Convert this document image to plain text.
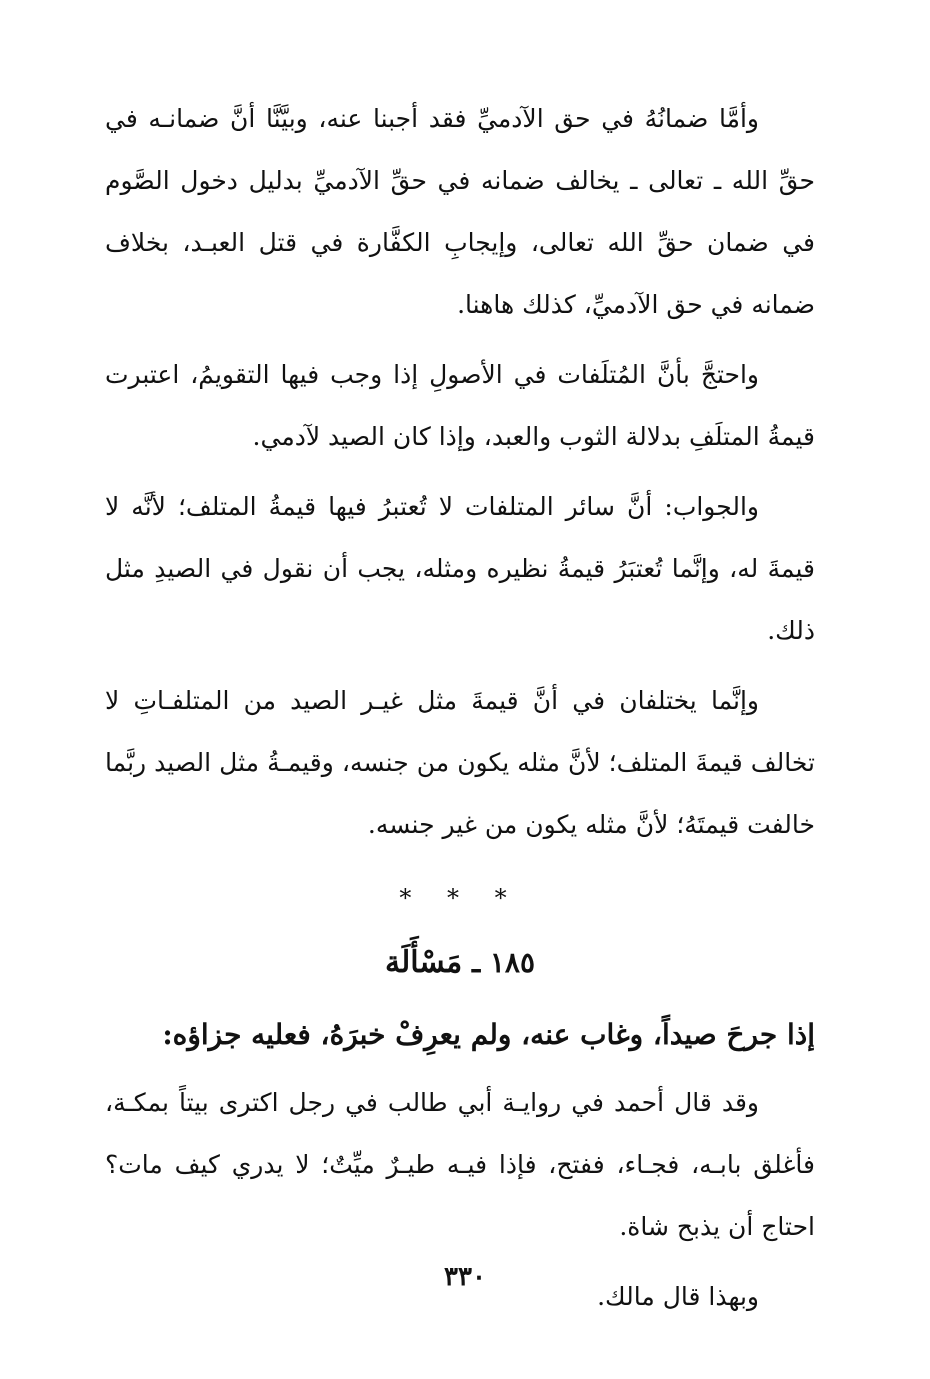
وأمَّا ضمانُهُ في حق الآدميِّ فقد أجبنا عنه، وبيَّنَّا أنَّ ضمانـه في حقِّ الله ـ تعالى ـ يخالف ضمانه في حقِّ الآدميِّ بدليل دخول الصَّوم في ضمان حقِّ الله تعالى، وإيجابِ الكفَّارة في قتل العبـد، بخلاف ضمانه في حق الآدميِّ، كذلك هاهنا.

واحتجَّ بأنَّ المُتلَفات في الأصولِ إذا وجب فيها التقويمُ، اعتبرت قيمةُ المتلَفِ بدلالة الثوب والعبد، وإذا كان الصيد لآدمي.

والجواب: أنَّ سائر المتلفات لا تُعتبرُ فيها قيمةُ المتلف؛ لأنَّه لا قيمةَ له، وإنَّما تُعتبَرُ قيمةُ نظيره ومثله، يجب أن نقول في الصيدِ مثل ذلك.

وإنَّما يختلفان في أنَّ قيمةَ مثل غيـر الصيد من المتلفـاتِ لا تخالف قيمةَ المتلف؛ لأنَّ مثله يكون من جنسه، وقيمـةُ مثل الصيد ربَّما خالفت قيمتَهُ؛ لأنَّ مثله يكون من غير جنسه.

* * *
١٨٥ ـ مَسْأَلَة

إذا جرحَ صيداً، وغاب عنه، ولم يعرِفْ خبرَهُ، فعليه جزاؤه:

وقد قال أحمد في روايـة أبي طالب في رجل اكترى بيتاً بمكـة، فأغلق بابـه، فجـاء، ففتح، فإذا فيـه طيـرٌ ميِّتٌ؛ لا يدري كيف مات؟ احتاج أن يذبح شاة.

وبهذا قال مالك.

٣٣٠
